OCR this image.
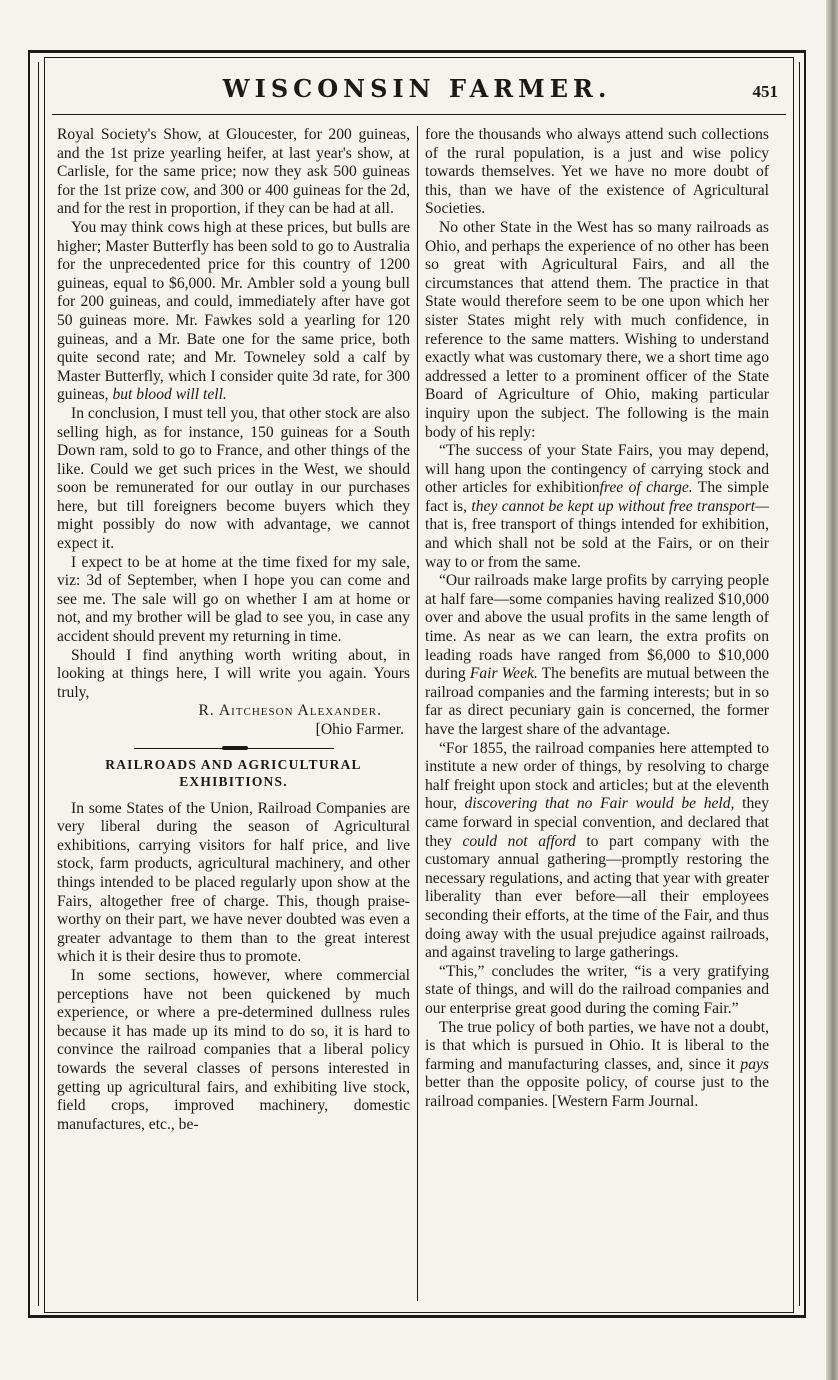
WISCONSIN FARMER.	451

Royal Society's Show, at Gloucester, for 200 guineas, and the 1st prize yearling heifer, at last year's show, at Carlisle, for the same price; now they ask 500 guineas for the 1st prize cow, and 300 or 400 guineas for the 2d, and for the rest in proportion, if they can be had at all.

You may think cows high at these prices, but bulls are higher; Master Butterfly has been sold to go to Australia for the unprecedented price for this country of 1200 guineas, equal to $6,000. Mr. Ambler sold a young bull for 200 guineas, and could, immediately after have got 50 guineas more. Mr. Fawkes sold a yearling for 120 guineas, and a Mr. Bate one for the same price, both quite second rate; and Mr. Towneley sold a calf by Master Butterfly, which I consider quite 3d rate, for 300 guineas, but blood will tell.

In conclusion, I must tell you, that other stock are also selling high, as for instance, 150 guineas for a South Down ram, sold to go to France, and other things of the like. Could we get such prices in the West, we should soon be remunerated for our outlay in our purchases here, but till foreigners become buyers which they might possibly do now with advantage, we cannot expect it.

I expect to be at home at the time fixed for my sale, viz: 3d of September, when I hope you can come and see me. The sale will go on whether I am at home or not, and my brother will be glad to see you, in case any accident should prevent my returning in time.

Should I find anything worth writing about, in looking at things here, I will write you again. Yours truly,

R. Aitcheson Alexander.

[Ohio Farmer.

RAILROADS AND AGRICULTURAL EXHIBITIONS.

In some States of the Union, Railroad Companies are very liberal during the season of Agricultural exhibitions, carrying visitors for half price, and live stock, farm products, agricultural machinery, and other things intended to be placed regularly upon show at the Fairs, altogether free of charge. This, though praise-worthy on their part, we have never doubted was even a greater advantage to them than to the great interest which it is their desire thus to promote.

In some sections, however, where commercial perceptions have not been quickened by much experience, or where a pre-determined dullness rules because it has made up its mind to do so, it is hard to convince the railroad companies that a liberal policy towards the several classes of persons interested in getting up agricultural fairs, and exhibiting live stock, field crops, improved machinery, domestic manufactures, etc., be-

fore the thousands who always attend such collections of the rural population, is a just and wise policy towards themselves. Yet we have no more doubt of this, than we have of the existence of Agricultural Societies.

No other State in the West has so many railroads as Ohio, and perhaps the experience of no other has been so great with Agricultural Fairs, and all the circumstances that attend them. The practice in that State would therefore seem to be one upon which her sister States might rely with much confidence, in reference to the same matters. Wishing to understand exactly what was customary there, we a short time ago addressed a letter to a prominent officer of the State Board of Agriculture of Ohio, making particular inquiry upon the subject. The following is the main body of his reply:

“The success of your State Fairs, you may depend, will hang upon the contingency of carrying stock and other articles for exhibitionfree of charge. The simple fact is, they cannot be kept up without free transport— that is, free transport of things intended for exhibition, and which shall not be sold at the Fairs, or on their way to or from the same.

“Our railroads make large profits by carrying people at half fare—some companies having realized $10,000 over and above the usual profits in the same length of time. As near as we can learn, the extra profits on leading roads have ranged from $6,000 to $10,000 during Fair Week. The benefits are mutual between the railroad companies and the farming interests; but in so far as direct pecuniary gain is concerned, the former have the largest share of the advantage.

“For 1855, the railroad companies here attempted to institute a new order of things, by resolving to charge half freight upon stock and articles; but at the eleventh hour, discovering that no Fair would be held, they came forward in special convention, and declared that they could not afford to part company with the customary annual gathering—promptly restoring the necessary regulations, and acting that year with greater liberality than ever before—all their employees seconding their efforts, at the time of the Fair, and thus doing away with the usual prejudice against railroads, and against traveling to large gatherings.

“This,” concludes the writer, “is a very gratifying state of things, and will do the railroad companies and our enterprise great good during the coming Fair.”

The true policy of both parties, we have not a doubt, is that which is pursued in Ohio. It is liberal to the farming and manufacturing classes, and, since it pays better than the opposite policy, of course just to the railroad companies. [Western Farm Journal.
